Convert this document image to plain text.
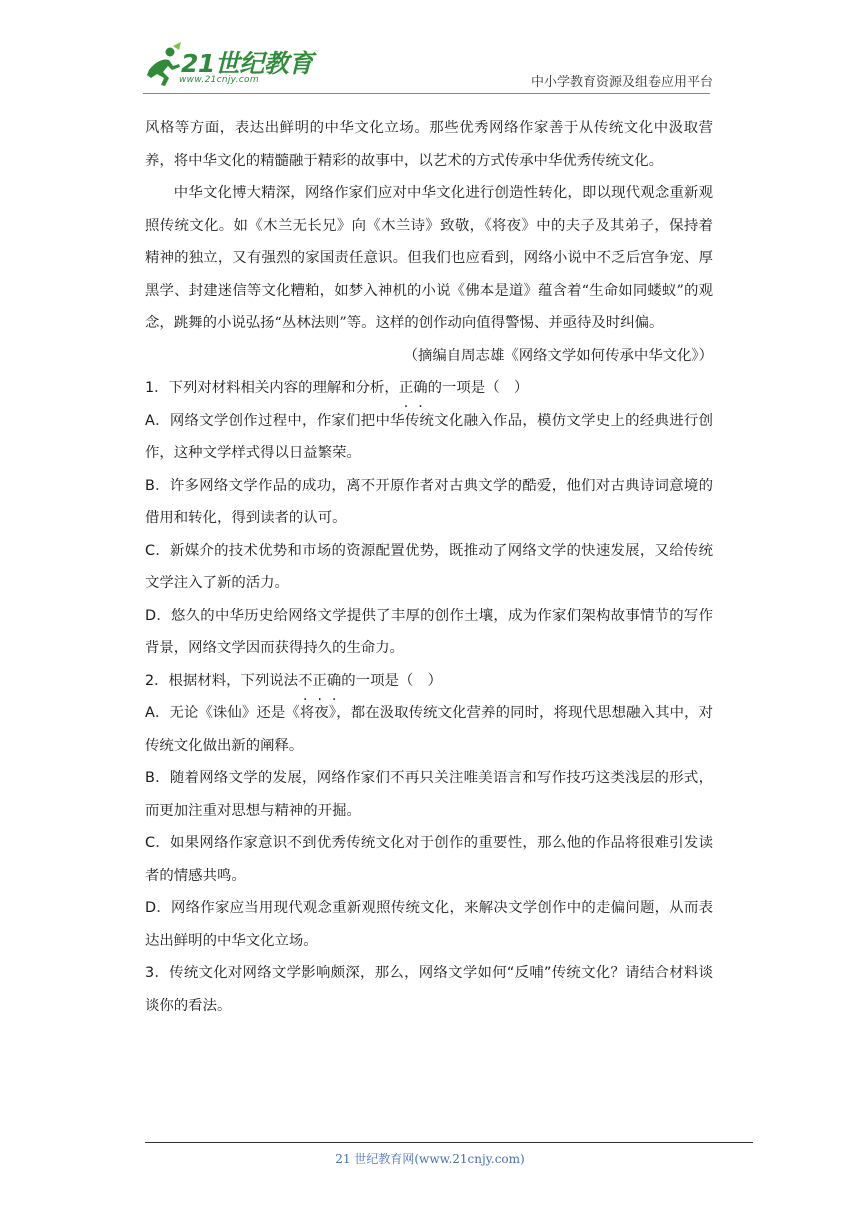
21世纪教育
www.21cnjy.com	中小学教育资源及组卷应用平台

风格等方面，表达出鲜明的中华文化立场。那些优秀网络作家善于从传统文化中汲取营养，将中华文化的精髓融于精彩的故事中，以艺术的方式传承中华优秀传统文化。

中华文化博大精深，网络作家们应对中华文化进行创造性转化，即以现代观念重新观照传统文化。如《木兰无长兄》向《木兰诗》致敬，《将夜》中的夫子及其弟子，保持着精神的独立，又有强烈的家国责任意识。但我们也应看到，网络小说中不乏后宫争宠、厚黑学、封建迷信等文化糟粕，如梦入神机的小说《佛本是道》蕴含着“生命如同蝼蚁”的观念，跳舞的小说弘扬“丛林法则”等。这样的创作动向值得警惕、并亟待及时纠偏。

（摘编自周志雄《网络文学如何传承中华文化》）

1．下列对材料相关内容的理解和分析，正确的一项是（　）

A．网络文学创作过程中，作家们把中华传统文化融入作品，模仿文学史上的经典进行创作，这种文学样式得以日益繁荣。

B．许多网络文学作品的成功，离不开原作者对古典文学的酷爱，他们对古典诗词意境的借用和转化，得到读者的认可。

C．新媒介的技术优势和市场的资源配置优势，既推动了网络文学的快速发展，又给传统文学注入了新的活力。

D．悠久的中华历史给网络文学提供了丰厚的创作土壤，成为作家们架构故事情节的写作背景，网络文学因而获得持久的生命力。

2．根据材料，下列说法不正确的一项是（　）

A．无论《诛仙》还是《将夜》，都在汲取传统文化营养的同时，将现代思想融入其中，对传统文化做出新的阐释。

B．随着网络文学的发展，网络作家们不再只关注唯美语言和写作技巧这类浅层的形式，而更加注重对思想与精神的开掘。

C．如果网络作家意识不到优秀传统文化对于创作的重要性，那么他的作品将很难引发读者的情感共鸣。

D．网络作家应当用现代观念重新观照传统文化，来解决文学创作中的走偏问题，从而表达出鲜明的中华文化立场。

3．传统文化对网络文学影响颇深，那么，网络文学如何“反哺”传统文化？请结合材料谈谈你的看法。

21 世纪教育网(www.21cnjy.com)
